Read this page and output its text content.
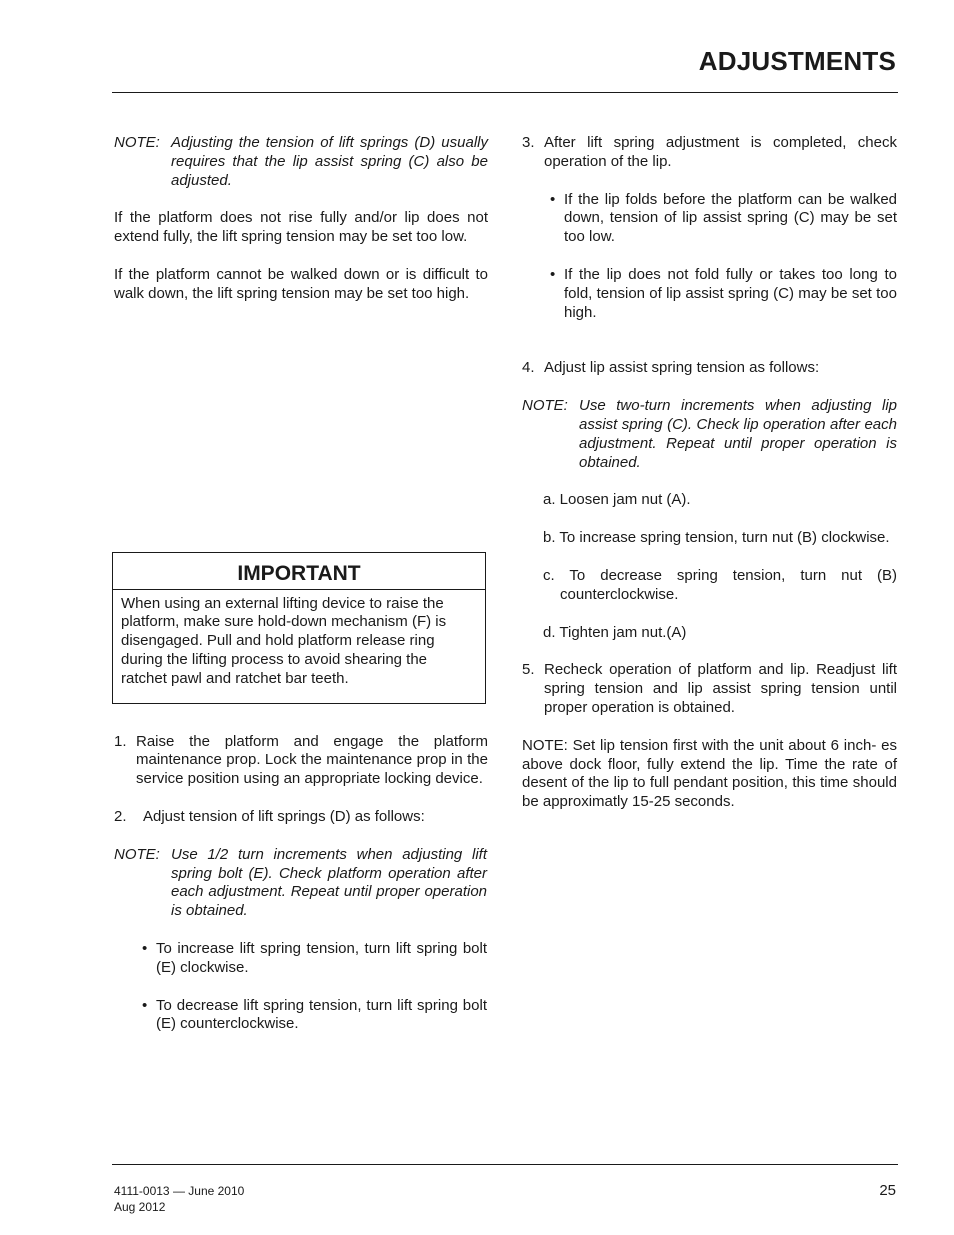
ADJUSTMENTS
NOTE: Adjusting the tension of lift springs (D) usually requires that the lip assist spring (C) also be adjusted.

If the platform does not rise fully and/or lip does not extend fully, the lift spring tension may be set too low.

If the platform cannot be walked down or is difficult to walk down, the lift spring tension may be set too high.

IMPORTANT
When using an external lifting device to raise the platform, make sure hold-down mechanism (F) is disengaged. Pull and hold platform release ring during the lifting process to avoid shearing the ratchet pawl and ratchet bar teeth.
1. Raise the platform and engage the platform maintenance prop. Lock the maintenance prop in the service position using an appropriate locking device.
2. Adjust tension of lift springs (D) as follows:
NOTE: Use 1/2 turn increments when adjusting lift spring bolt (E). Check platform operation after each adjustment. Repeat until proper operation is obtained.
• To increase lift spring tension, turn lift spring bolt (E) clockwise.
• To decrease lift spring tension, turn lift spring bolt (E) counterclockwise.
3. After lift spring adjustment is completed, check operation of the lip.
• If the lip folds before the platform can be walked down, tension of lip assist spring (C) may be set too low.
• If the lip does not fold fully or takes too long to fold, tension of lip assist spring (C) may be set too high.
4. Adjust lip assist spring tension as follows:
NOTE: Use two-turn increments when adjusting lip assist spring (C). Check lip operation after each adjustment. Repeat until proper operation is obtained.

a. Loosen jam nut (A).

b. To increase spring tension, turn nut (B) clockwise.

c. To decrease spring tension, turn nut (B) counterclockwise.

d. Tighten jam nut.(A)

5. Recheck operation of platform and lip. Readjust lift spring tension and lip assist spring tension until proper operation is obtained.

NOTE: Set lip tension first with the unit about 6 inch- es above dock floor, fully extend the lip. Time the rate of desent of the lip to full pendant position, this time should be approximatly 15-25 seconds.

4111-0013 — June 2010
Aug 2012
25
